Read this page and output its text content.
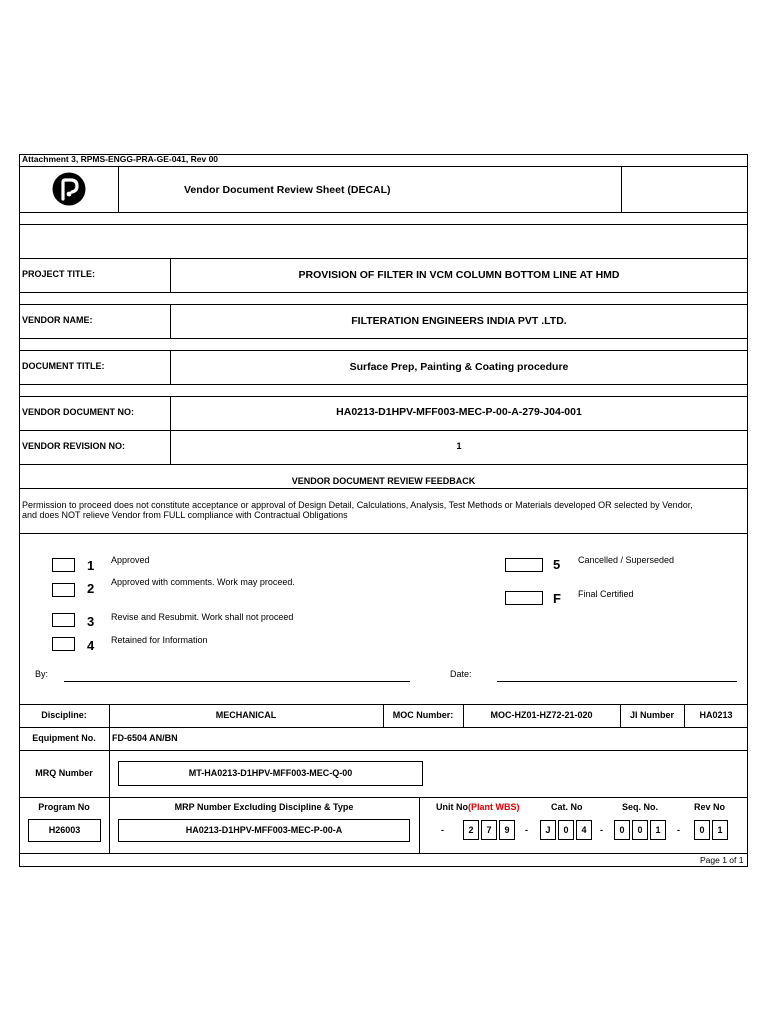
Attachment 3, RPMS-ENGG-PRA-GE-041, Rev 00
Vendor Document Review Sheet (DECAL)
PROJECT TITLE:	PROVISION OF FILTER IN VCM COLUMN BOTTOM LINE AT HMD
VENDOR NAME:	FILTERATION ENGINEERS INDIA PVT .LTD.
DOCUMENT TITLE:	Surface Prep, Painting & Coating procedure
VENDOR DOCUMENT NO:	HA0213-D1HPV-MFF003-MEC-P-00-A-279-J04-001
VENDOR REVISION NO:	1
VENDOR DOCUMENT REVIEW FEEDBACK
Permission to proceed does not constitute acceptance or approval of Design Detail, Calculations, Analysis, Test Methods or Materials developed OR selected by Vendor,
and does NOT relieve Vendor from FULL compliance with Contractual Obligations
1 Approved
2 Approved with comments. Work may proceed.
3 Revise and Resubmit. Work shall not proceed
4 Retained for Information
5 Cancelled / Superseded
F Final Certified
By:	Date:
Discipline:	MECHANICAL	MOC Number:	MOC-HZ01-HZ72-21-020	JI Number	HA0213
Equipment No.	FD-6504 AN/BN
MRQ Number	MT-HA0213-D1HPV-MFF003-MEC-Q-00
Program No	MRP Number Excluding Discipline & Type	Unit No(Plant WBS)	Cat. No	Seq. No.	Rev No
H26003	HA0213-D1HPV-MFF003-MEC-P-00-A	-	2	7	9	-	J	0	4	-	0	0	1	-	0	1
Page 1 of 1
